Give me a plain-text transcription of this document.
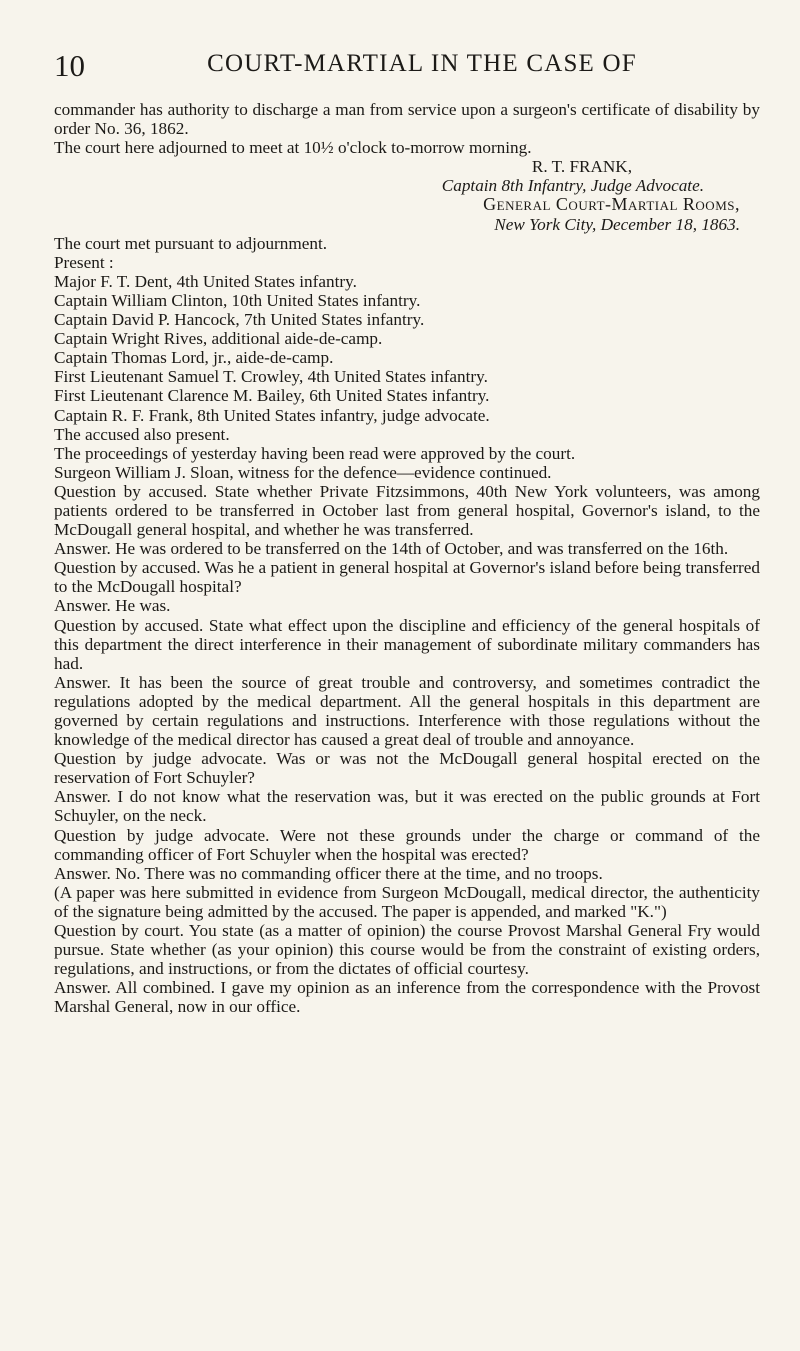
10	COURT-MARTIAL IN THE CASE OF

commander has authority to discharge a man from service upon a surgeon's certificate of disability by order No. 36, 1862.

The court here adjourned to meet at 10½ o'clock to-morrow morning.

R. T. FRANK,

Captain 8th Infantry, Judge Advocate.

General Court-Martial Rooms,

New York City, December 18, 1863.

The court met pursuant to adjournment.

Present :

Major F. T. Dent, 4th United States infantry.

Captain William Clinton, 10th United States infantry.

Captain David P. Hancock, 7th United States infantry.

Captain Wright Rives, additional aide-de-camp.

Captain Thomas Lord, jr., aide-de-camp.

First Lieutenant Samuel T. Crowley, 4th United States infantry.

First Lieutenant Clarence M. Bailey, 6th United States infantry.

Captain R. F. Frank, 8th United States infantry, judge advocate.

The accused also present.

The proceedings of yesterday having been read were approved by the court.

Surgeon William J. Sloan, witness for the defence—evidence continued.

Question by accused. State whether Private Fitzsimmons, 40th New York volunteers, was among patients ordered to be transferred in October last from general hospital, Governor's island, to the McDougall general hospital, and whether he was transferred.

Answer. He was ordered to be transferred on the 14th of October, and was transferred on the 16th.

Question by accused. Was he a patient in general hospital at Governor's island before being transferred to the McDougall hospital?

Answer. He was.

Question by accused. State what effect upon the discipline and efficiency of the general hospitals of this department the direct interference in their management of subordinate military commanders has had.

Answer. It has been the source of great trouble and controversy, and sometimes contradict the regulations adopted by the medical department. All the general hospitals in this department are governed by certain regulations and instructions. Interference with those regulations without the knowledge of the medical director has caused a great deal of trouble and annoyance.

Question by judge advocate. Was or was not the McDougall general hospital erected on the reservation of Fort Schuyler?

Answer. I do not know what the reservation was, but it was erected on the public grounds at Fort Schuyler, on the neck.

Question by judge advocate. Were not these grounds under the charge or command of the commanding officer of Fort Schuyler when the hospital was erected?

Answer. No. There was no commanding officer there at the time, and no troops.

(A paper was here submitted in evidence from Surgeon McDougall, medical director, the authenticity of the signature being admitted by the accused. The paper is appended, and marked "K.")

Question by court. You state (as a matter of opinion) the course Provost Marshal General Fry would pursue. State whether (as your opinion) this course would be from the constraint of existing orders, regulations, and instructions, or from the dictates of official courtesy.

Answer. All combined. I gave my opinion as an inference from the correspondence with the Provost Marshal General, now in our office.
